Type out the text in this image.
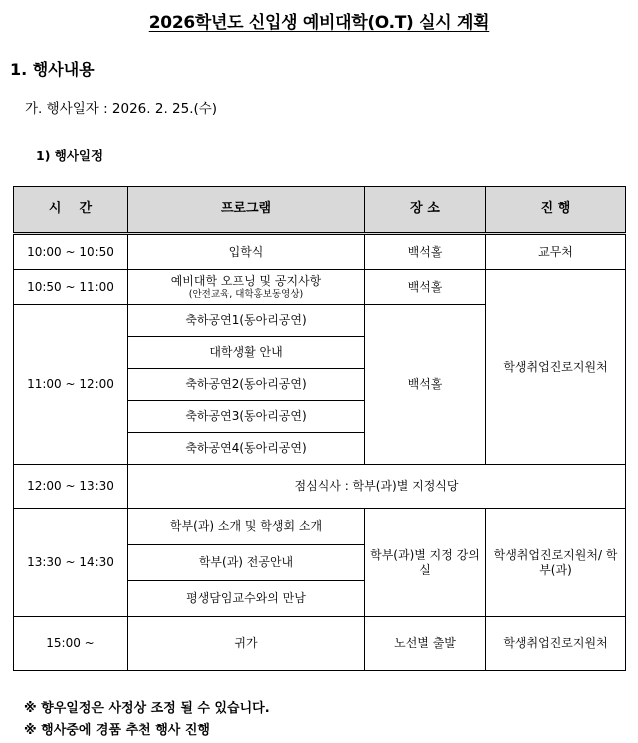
2026학년도 신입생 예비대학(O.T) 실시 계획
1. 행사내용
가. 행사일자 : 2026. 2. 25.(수)
1) 행사일정
시    간	프로그램	장 소	진 행
10:00 ~ 10:50	입학식	백석홀	교무처
10:50 ~ 11:00	예비대학 오프닝 및 공지사항
(안전교육, 대학홍보동영상)	백석홀	학생취업진로지원처
11:00 ~ 12:00	축하공연1(동아리공연)	백석홀	
	대학생활 안내		
	축하공연2(동아리공연)		
	축하공연3(동아리공연)		
	축하공연4(동아리공연)		
12:00 ~ 13:30	점심식사 : 학부(과)별 지정식당		
13:30 ~ 14:30	학부(과) 소개 및 학생회 소개	학부(과)별 지정 강의실	학생취업진로지원처/ 학부(과)
	학부(과) 전공안내		
	평생담임교수와의 만남		
15:00 ~	귀가	노선별 출발	학생취업진로지원처
※ 향우일정은 사정상 조정 될 수 있습니다.
※ 행사중에 경품 추천 행사 진행
